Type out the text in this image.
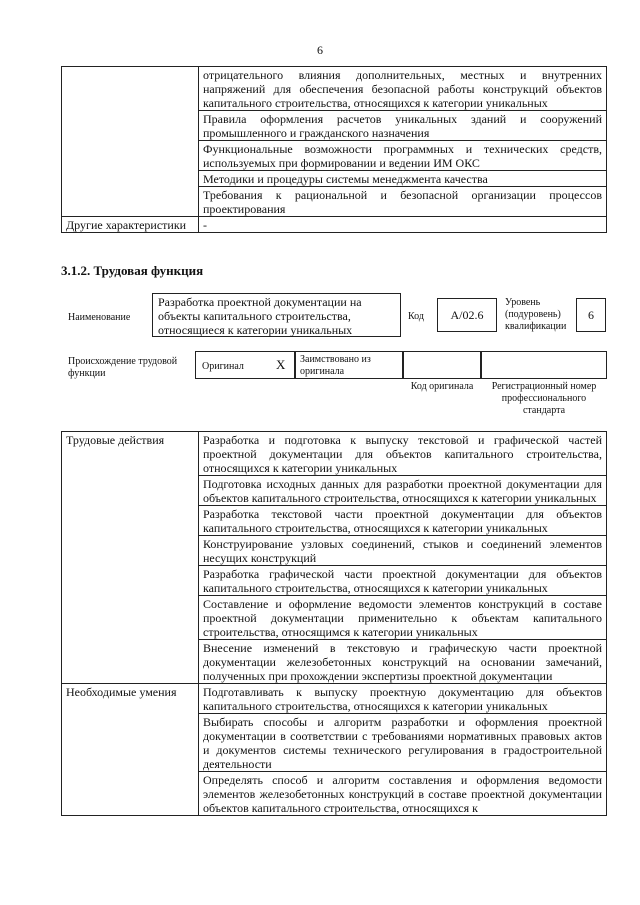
6
	отрицательного влияния дополнительных, местных и внутренних напряжений для обеспечения безопасной работы конструкций объектов капитального строительства, относящихся к категории уникальных
	Правила оформления расчетов уникальных зданий и сооружений промышленного и гражданского назначения
	Функциональные возможности программных и технических средств, используемых при формировании и ведении ИМ ОКС
	Методики и процедуры системы менеджмента качества
	Требования к рациональной и безопасной организации процессов проектирования
Другие характеристики	-
3.1.2. Трудовая функция
Наименование
Разработка проектной документации на объекты капитального строительства, относящиеся к категории уникальных
Код	А/02.6
Уровень (подуровень) квалификации
6
Происхождение трудовой функции
Оригинал X Заимствовано из оригинала
Код оригинала	Регистрационный номер профессионального стандарта
Трудовые действия	Разработка и подготовка к выпуску текстовой и графической частей проектной документации для объектов капитального строительства, относящихся к категории уникальных
	Подготовка исходных данных для разработки проектной документации для объектов капитального строительства, относящихся к категории уникальных
	Разработка текстовой части проектной документации для объектов капитального строительства, относящихся к категории уникальных
	Конструирование узловых соединений, стыков и соединений элементов несущих конструкций
	Разработка графической части проектной документации для объектов капитального строительства, относящихся к категории уникальных
	Составление и оформление ведомости элементов конструкций в составе проектной документации применительно к объектам капитального строительства, относящимся к категории уникальных
	Внесение изменений в текстовую и графическую части проектной документации железобетонных конструкций на основании замечаний, полученных при прохождении экспертизы проектной документации
Необходимые умения	Подготавливать к выпуску проектную документацию для объектов капитального строительства, относящихся к категории уникальных
	Выбирать способы и алгоритм разработки и оформления проектной документации в соответствии с требованиями нормативных правовых актов и документов системы технического регулирования в градостроительной деятельности
	Определять способ и алгоритм составления и оформления ведомости элементов железобетонных конструкций в составе проектной документации объектов капитального строительства, относящихся к
